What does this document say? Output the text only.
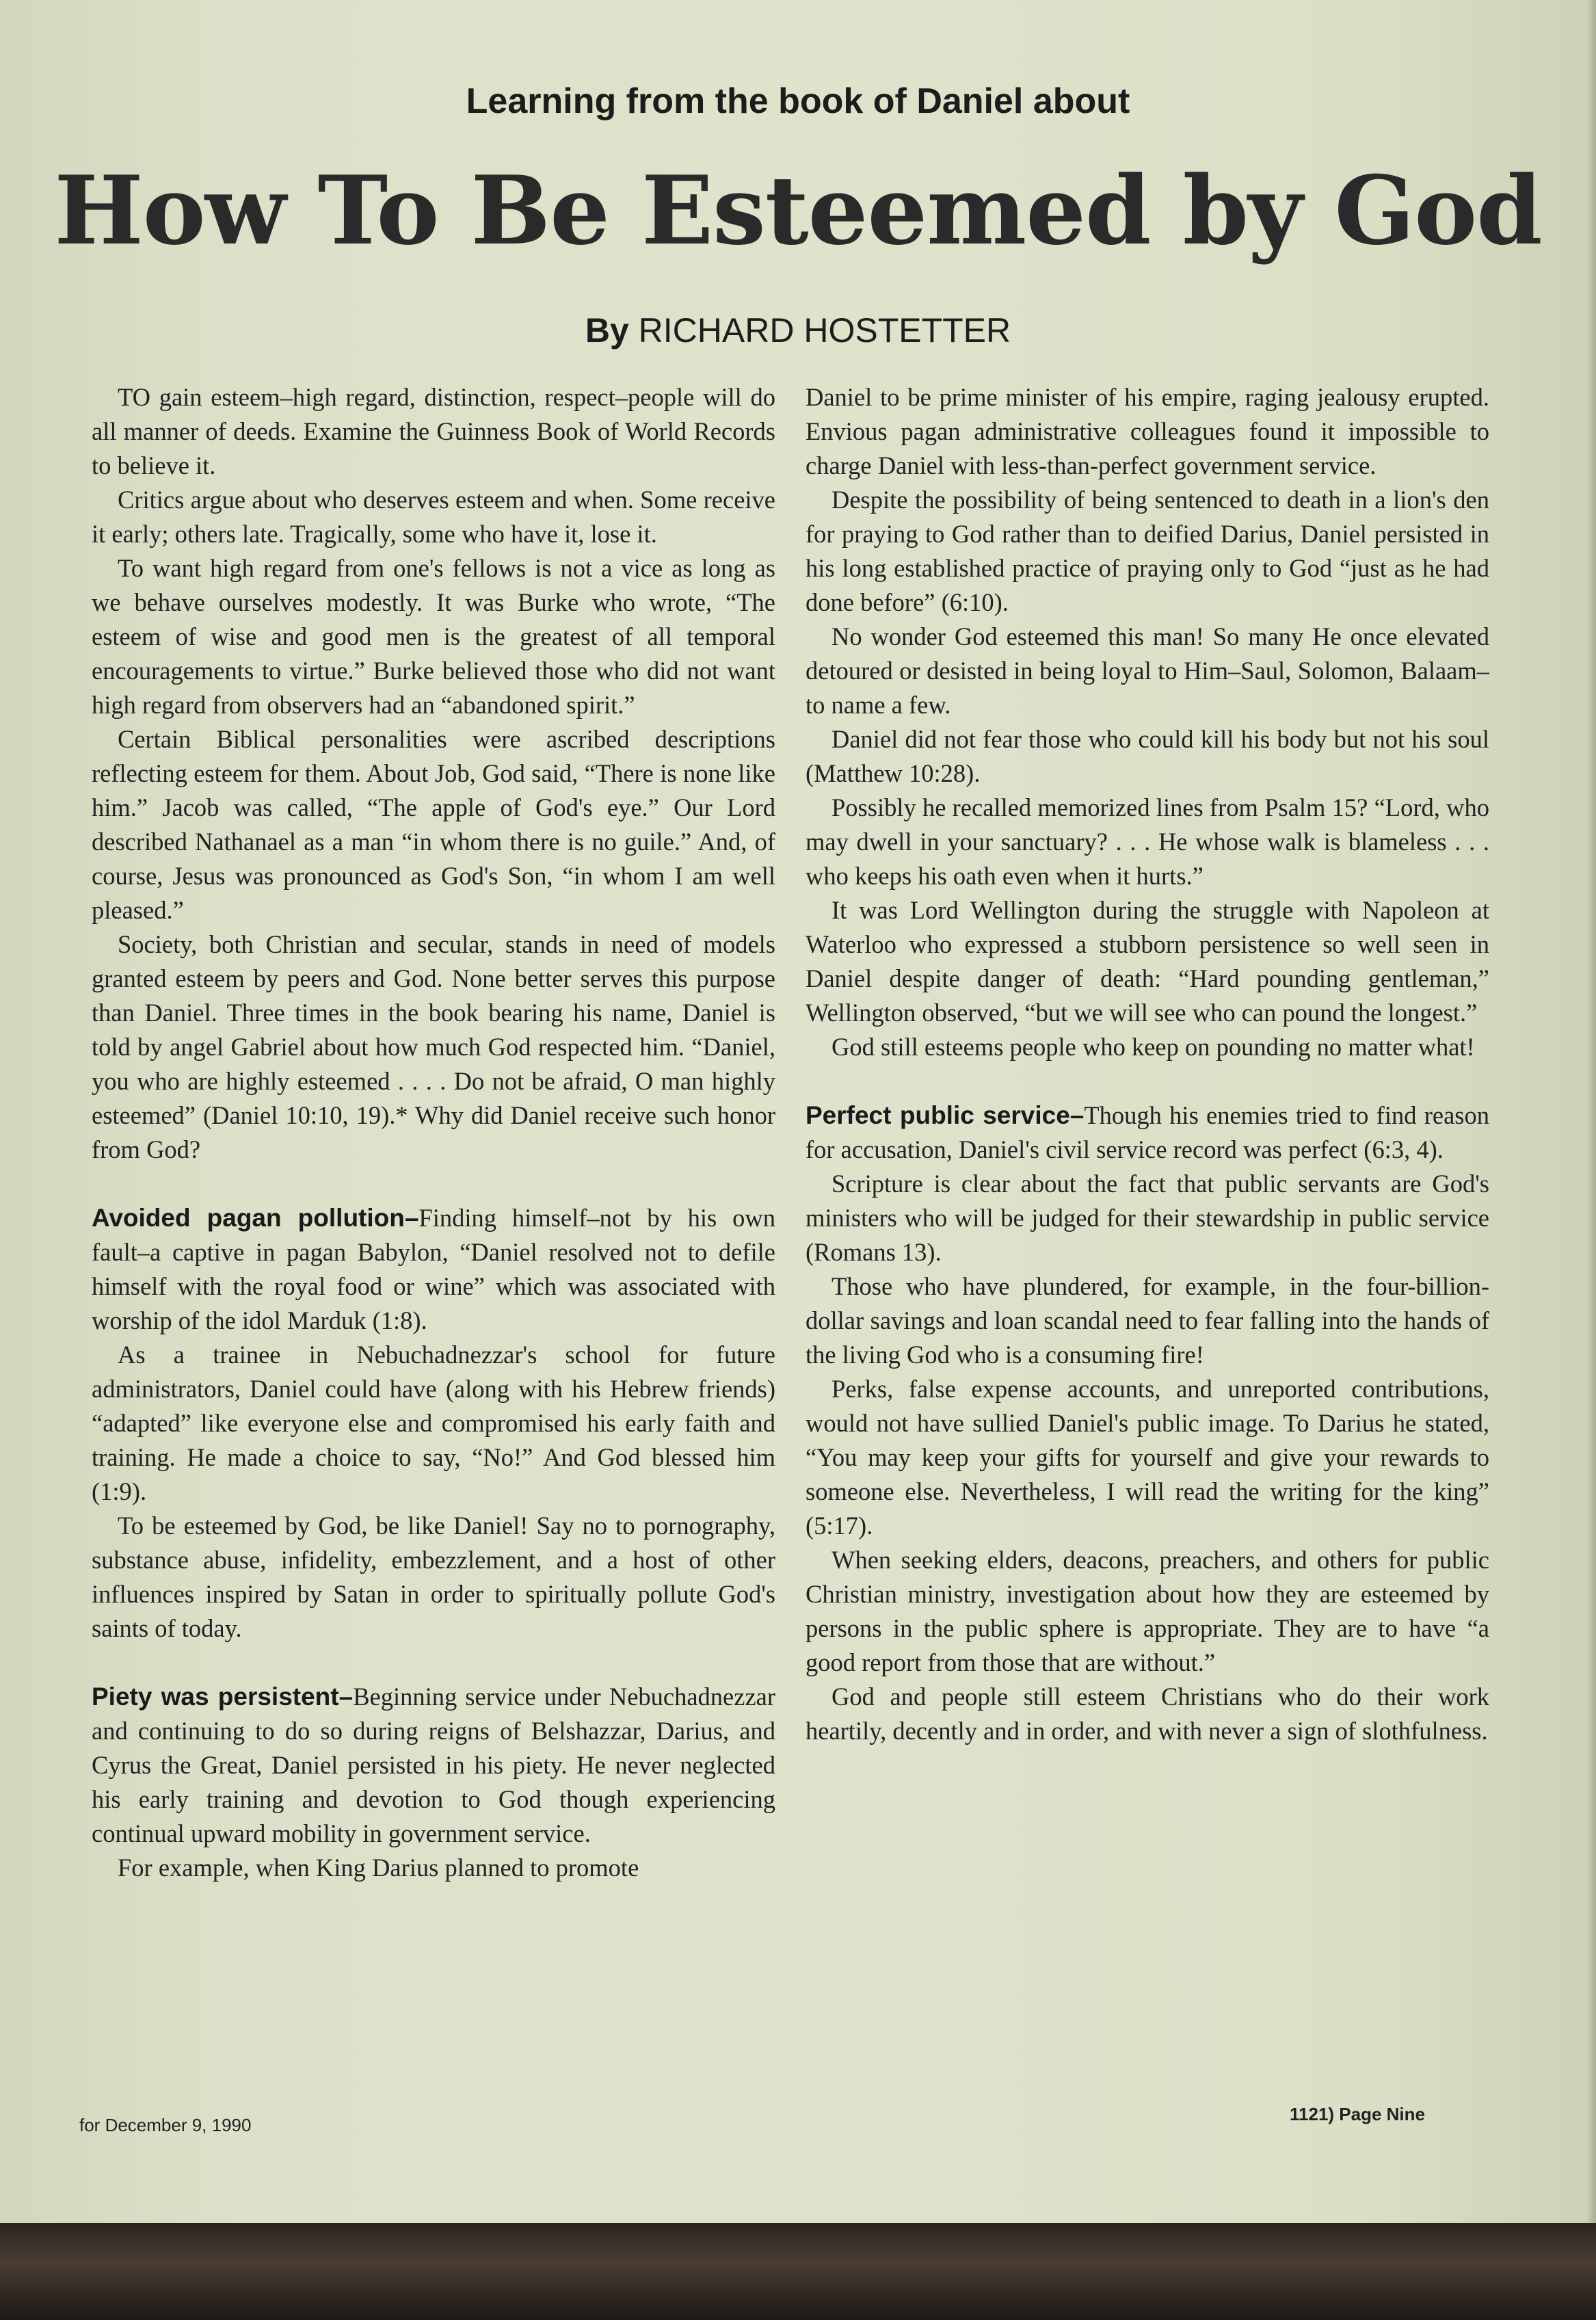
Learning from the book of Daniel about
How To Be Esteemed by God
By RICHARD HOSTETTER

TO gain esteem–high regard, distinction, respect–people will do all manner of deeds. Examine the Guinness Book of World Records to believe it.

Critics argue about who deserves esteem and when. Some receive it early; others late. Tragically, some who have it, lose it.

To want high regard from one's fellows is not a vice as long as we behave ourselves modestly. It was Burke who wrote, “The esteem of wise and good men is the greatest of all temporal encouragements to virtue.” Burke believed those who did not want high regard from observers had an “abandoned spirit.”

Certain Biblical personalities were ascribed descriptions reflecting esteem for them. About Job, God said, “There is none like him.” Jacob was called, “The apple of God's eye.” Our Lord described Nathanael as a man “in whom there is no guile.” And, of course, Jesus was pronounced as God's Son, “in whom I am well pleased.”

Society, both Christian and secular, stands in need of models granted esteem by peers and God. None better serves this purpose than Daniel. Three times in the book bearing his name, Daniel is told by angel Gabriel about how much God respected him. “Daniel, you who are highly esteemed . . . . Do not be afraid, O man highly esteemed” (Daniel 10:10, 19).* Why did Daniel receive such honor from God?

Avoided pagan pollution–Finding himself–not by his own fault–a captive in pagan Babylon, “Daniel resolved not to defile himself with the royal food or wine” which was associated with worship of the idol Marduk (1:8).

As a trainee in Nebuchadnezzar's school for future administrators, Daniel could have (along with his Hebrew friends) “adapted” like everyone else and compromised his early faith and training. He made a choice to say, “No!” And God blessed him (1:9).

To be esteemed by God, be like Daniel! Say no to pornography, substance abuse, infidelity, embezzlement, and a host of other influences inspired by Satan in order to spiritually pollute God's saints of today.

Piety was persistent–Beginning service under Nebuchadnezzar and continuing to do so during reigns of Belshazzar, Darius, and Cyrus the Great, Daniel persisted in his piety. He never neglected his early training and devotion to God though experiencing continual upward mobility in government service.

For example, when King Darius planned to promote

Daniel to be prime minister of his empire, raging jealousy erupted. Envious pagan administrative colleagues found it impossible to charge Daniel with less-than-perfect government service.

Despite the possibility of being sentenced to death in a lion's den for praying to God rather than to deified Darius, Daniel persisted in his long established practice of praying only to God “just as he had done before” (6:10).

No wonder God esteemed this man! So many He once elevated detoured or desisted in being loyal to Him–Saul, Solomon, Balaam–to name a few.

Daniel did not fear those who could kill his body but not his soul (Matthew 10:28).

Possibly he recalled memorized lines from Psalm 15? “Lord, who may dwell in your sanctuary? . . . He whose walk is blameless . . . who keeps his oath even when it hurts.”

It was Lord Wellington during the struggle with Napoleon at Waterloo who expressed a stubborn persistence so well seen in Daniel despite danger of death: “Hard pounding gentleman,” Wellington observed, “but we will see who can pound the longest.”

God still esteems people who keep on pounding no matter what!

Perfect public service–Though his enemies tried to find reason for accusation, Daniel's civil service record was perfect (6:3, 4).

Scripture is clear about the fact that public servants are God's ministers who will be judged for their stewardship in public service (Romans 13).

Those who have plundered, for example, in the four-billion-dollar savings and loan scandal need to fear falling into the hands of the living God who is a consuming fire!

Perks, false expense accounts, and unreported contributions, would not have sullied Daniel's public image. To Darius he stated, “You may keep your gifts for yourself and give your rewards to someone else. Nevertheless, I will read the writing for the king” (5:17).

When seeking elders, deacons, preachers, and others for public Christian ministry, investigation about how they are esteemed by persons in the public sphere is appropriate. They are to have “a good report from those that are without.”

God and people still esteem Christians who do their work heartily, decently and in order, and with never a sign of slothfulness.

for December 9, 1990
1121) Page Nine
